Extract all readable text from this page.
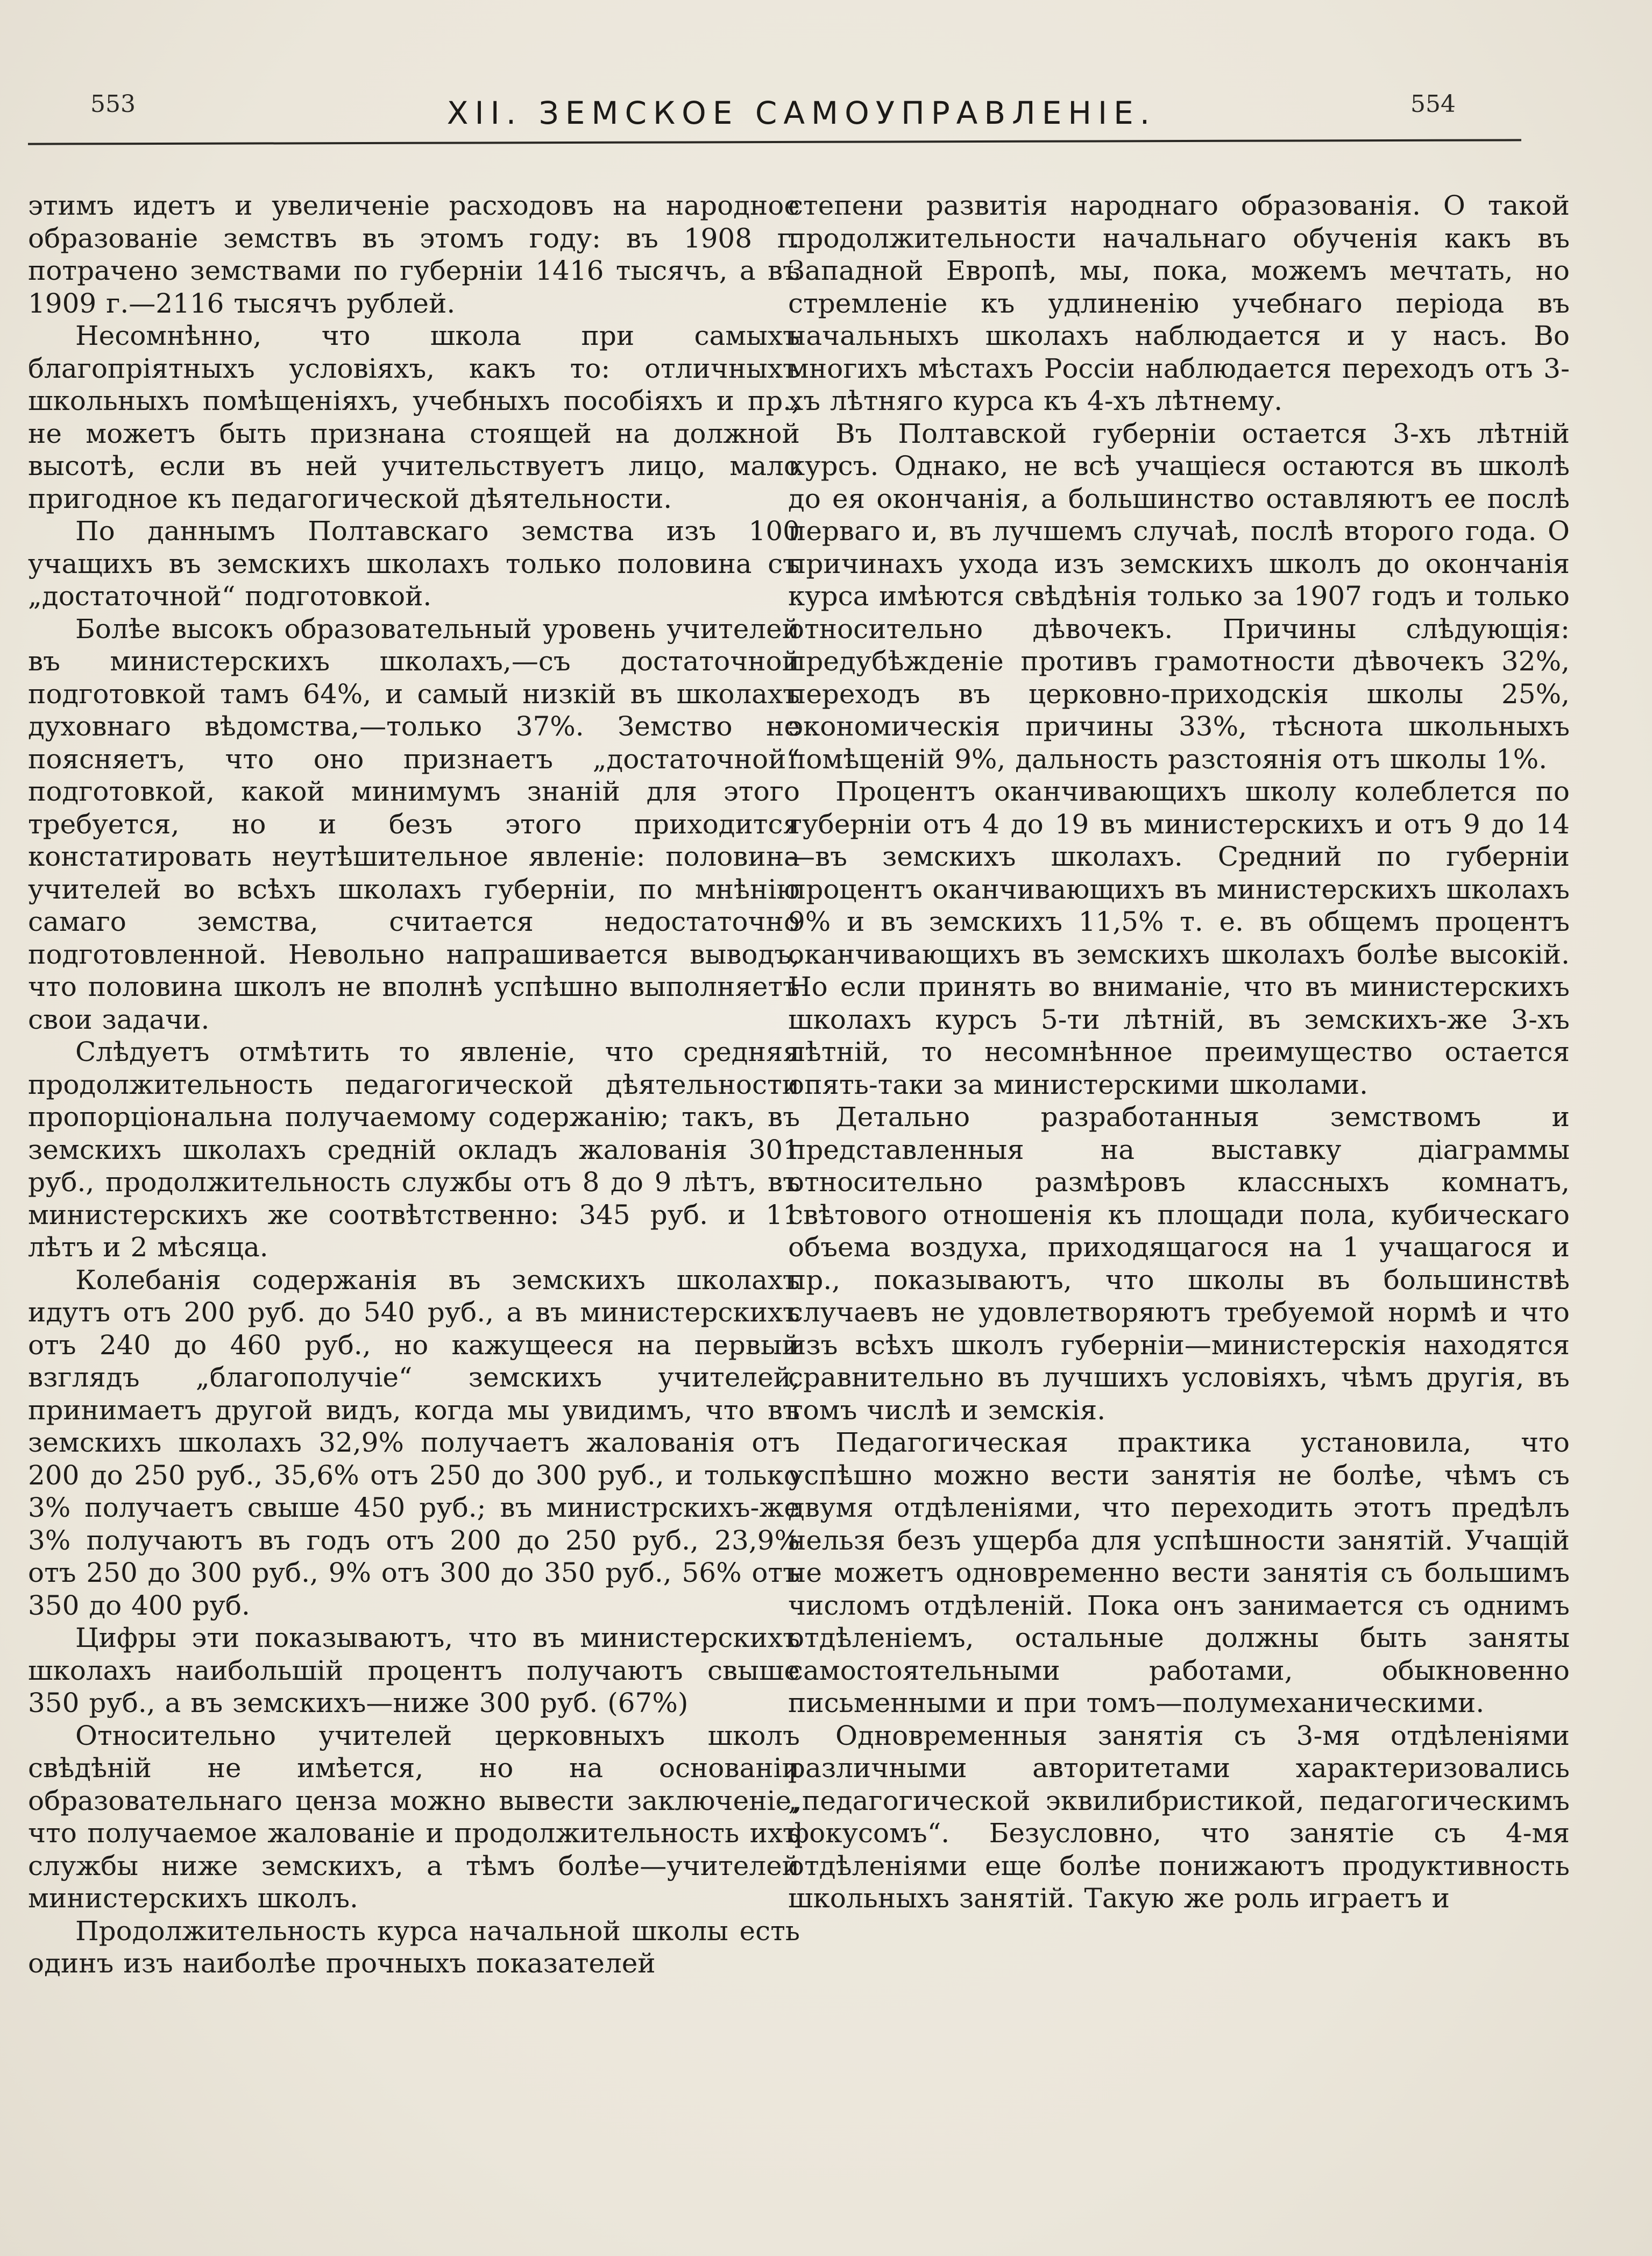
553	XII. ЗЕМСКОЕ САМОУПРАВЛЕНIЕ.	554

этимъ идетъ и увеличенiе расходовъ на народное образованiе земствъ въ этомъ году: въ 1908 г. потрачено земствами по губернiи 1416 тысячъ, а въ 1909 г.—2116 тысячъ рублей.

Несомнѣнно, что школа при самыхъ благопрiятныхъ условiяхъ, какъ то: отличныхъ школьныхъ помѣщенiяхъ, учебныхъ пособiяхъ и пр., не можетъ быть признана стоящей на должной высотѣ, если въ ней учительствуетъ лицо, мало пригодное къ педагогической дѣятельности.

По даннымъ Полтавскаго земства изъ 100 учащихъ въ земскихъ школахъ только половина съ „достаточной“ подготовкой.

Болѣе высокъ образовательный уровень учителей въ министерскихъ школахъ,—съ достаточной подготовкой тамъ 64%, и самый низкiй въ школахъ духовнаго вѣдомства,—только 37%. Земство не поясняетъ, что оно признаетъ „достаточной“ подготовкой, какой минимумъ знанiй для этого требуется, но и безъ этого приходится констатировать неутѣшительное явленiе: половина учителей во всѣхъ школахъ губернiи, по мнѣнiю самаго земства, считается недостаточно подготовленной. Невольно напрашивается выводъ, что половина школъ не вполнѣ успѣшно выполняетъ свои задачи.

Слѣдуетъ отмѣтить то явленiе, что средняя продолжительность педагогической дѣятельности пропорцiональна получаемому содержанiю; такъ, въ земскихъ школахъ средній окладъ жалованiя 301 руб., продолжительность службы отъ 8 до 9 лѣтъ, въ министерскихъ же соотвѣтственно: 345 руб. и 11 лѣтъ и 2 мѣсяца.

Колебанiя содержанiя въ земскихъ школахъ идутъ отъ 200 руб. до 540 руб., а въ министерскихъ отъ 240 до 460 руб., но кажущееся на первый взглядъ „благополучiе“ земскихъ учителей, принимаетъ другой видъ, когда мы увидимъ, что въ земскихъ школахъ 32,9% получаетъ жалованiя отъ 200 до 250 руб., 35,6% отъ 250 до 300 руб., и только 3% получаетъ свыше 450 руб.; въ министрскихъ-же 3% получаютъ въ годъ отъ 200 до 250 руб., 23,9% отъ 250 до 300 руб., 9% отъ 300 до 350 руб., 56% отъ 350 до 400 руб.

Цифры эти показываютъ, что въ министерскихъ школахъ наибольшiй процентъ получаютъ свыше 350 руб., а въ земскихъ—ниже 300 руб. (67%)

Относительно учителей церковныхъ школъ свѣдѣнiй не имѣется, но на основанiи образовательнаго ценза можно вывести заключенiе, что получаемое жалованiе и продолжительность ихъ службы ниже земскихъ, а тѣмъ болѣе—учителей министерскихъ школъ.

Продолжительность курса начальной школы есть одинъ изъ наиболѣе прочныхъ показателей

степени развитiя народнаго образованiя. О такой продолжительности начальнаго обученiя какъ въ Западной Европѣ, мы, пока, можемъ мечтать, но стремленiе къ удлиненiю учебнаго перiода въ начальныхъ школахъ наблюдается и у насъ. Во многихъ мѣстахъ Россiи наблюдается переходъ отъ 3-хъ лѣтняго курса къ 4-хъ лѣтнему.

Въ Полтавской губернiи остается 3-хъ лѣтнiй курсъ. Однако, не всѣ учащiеся остаются въ школѣ до ея окончанiя, а большинство оставляютъ ее послѣ перваго и, въ лучшемъ случаѣ, послѣ второго года. О причинахъ ухода изъ земскихъ школъ до окончанiя курса имѣются свѣдѣнiя только за 1907 годъ и только относительно дѣвочекъ. Причины слѣдующiя: предубѣжденiе противъ грамотности дѣвочекъ 32%, переходъ въ церковно-приходскiя школы 25%, экономическiя причины 33%, тѣснота школьныхъ помѣщенiй 9%, дальность разстоянiя отъ школы 1%.

Процентъ оканчивающихъ школу колеблется по губернiи отъ 4 до 19 въ министерскихъ и отъ 9 до 14—въ земскихъ школахъ. Средний по губернiи процентъ оканчивающихъ въ министерскихъ школахъ 9% и въ земскихъ 11,5% т. е. въ общемъ процентъ оканчивающихъ въ земскихъ школахъ болѣе высокiй. Но если принять во вниманiе, что въ министерскихъ школахъ курсъ 5-ти лѣтнiй, въ земскихъ-же 3-хъ лѣтнiй, то несомнѣнное преимущество остается опять-таки за министерскими школами.

Детально разработанныя земствомъ и представленныя на выставку дiаграммы относительно размѣровъ классныхъ комнатъ, свѣтового отношенiя къ площади пола, кубическаго объема воздуха, приходящагося на 1 учащагося и пр., показываютъ, что школы въ большинствѣ случаевъ не удовлетворяютъ требуемой нормѣ и что изъ всѣхъ школъ губернiи—министерскiя находятся сравнительно въ лучшихъ условiяхъ, чѣмъ другiя, въ томъ числѣ и земскiя.

Педагогическая практика установила, что успѣшно можно вести занятiя не болѣе, чѣмъ съ двумя отдѣленiями, что переходить этотъ предѣлъ нельзя безъ ущерба для успѣшности занятiй. Учащiй не можетъ одновременно вести занятiя съ большимъ числомъ отдѣленiй. Пока онъ занимается съ однимъ отдѣленiемъ, остальные должны быть заняты самостоятельными работами, обыкновенно письменными и при томъ—полумеханическими.

Одновременныя занятiя съ 3-мя отдѣленiями различными авторитетами характеризовались „педагогической эквилибристикой, педагогическимъ фокусомъ“. Безусловно, что занятiе съ 4-мя отдѣленiями еще болѣе понижаютъ продуктивность школьныхъ занятiй. Такую же роль играетъ и
